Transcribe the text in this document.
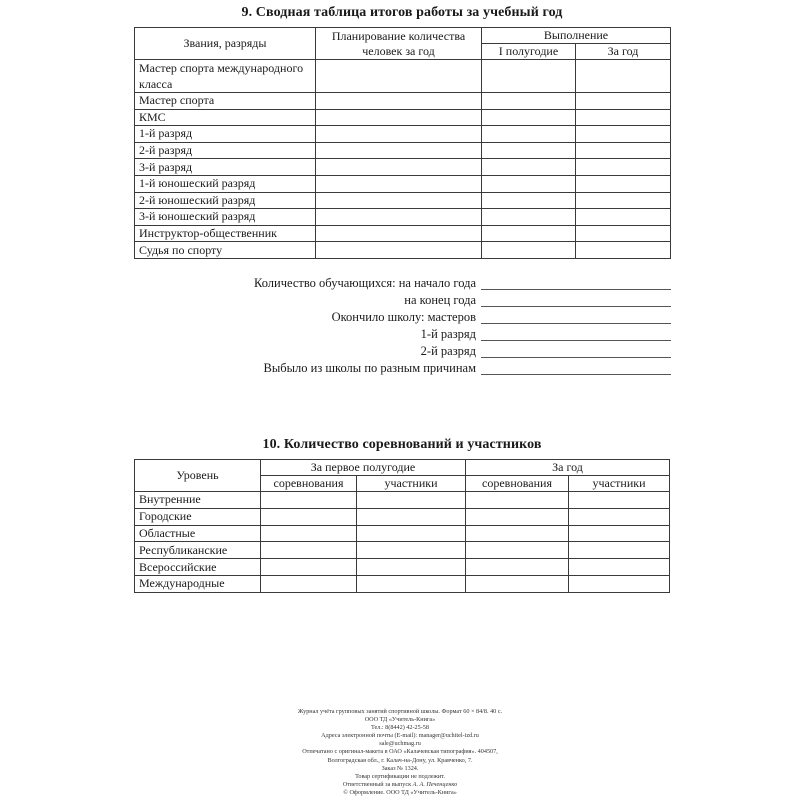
9. Сводная таблица итогов работы за учебный год
Звания, разряды	Планирование количества человек за год	Выполнение	
		I полугодие	За год
Мастер спорта международного класса			
Мастер спорта			
КМС			
1-й разряд			
2-й разряд			
3-й разряд			
1-й юношеский разряд			
2-й юношеский разряд			
3-й юношеский разряд			
Инструктор-общественник			
Судья по спорту			
Количество обучающихся: на начало года
на конец года
Окончило школу: мастеров
1-й разряд
2-й разряд
Выбыло из школы по разным причинам
10. Количество соревнований и участников
Уровень	За первое полугодие		За год	
	соревнования	участники	соревнования	участники
Внутренние				
Городские				
Областные				
Республиканские				
Всероссийские				
Международные				
Журнал учёта групповых занятий спортивной школы. Формат 60 × 84/8. 40 с.
ООО ТД «Учитель-Книга»
Тел.: 8(8442) 42-25-58
Адреса электронной почты (E-mail): manager@uchitel-izd.ru
sale@uchmag.ru
Отпечатано с оригинал-макета в ОАО «Калачевская типография». 404507,
Волгоградская обл., г. Калач-на-Дону, ул. Кравченко, 7.
Заказ № 1324.
Товар сертификации не подлежит.
Ответственный за выпуск А. А. Печенценко
© Оформление. ООО ТД «Учитель-Книга»
